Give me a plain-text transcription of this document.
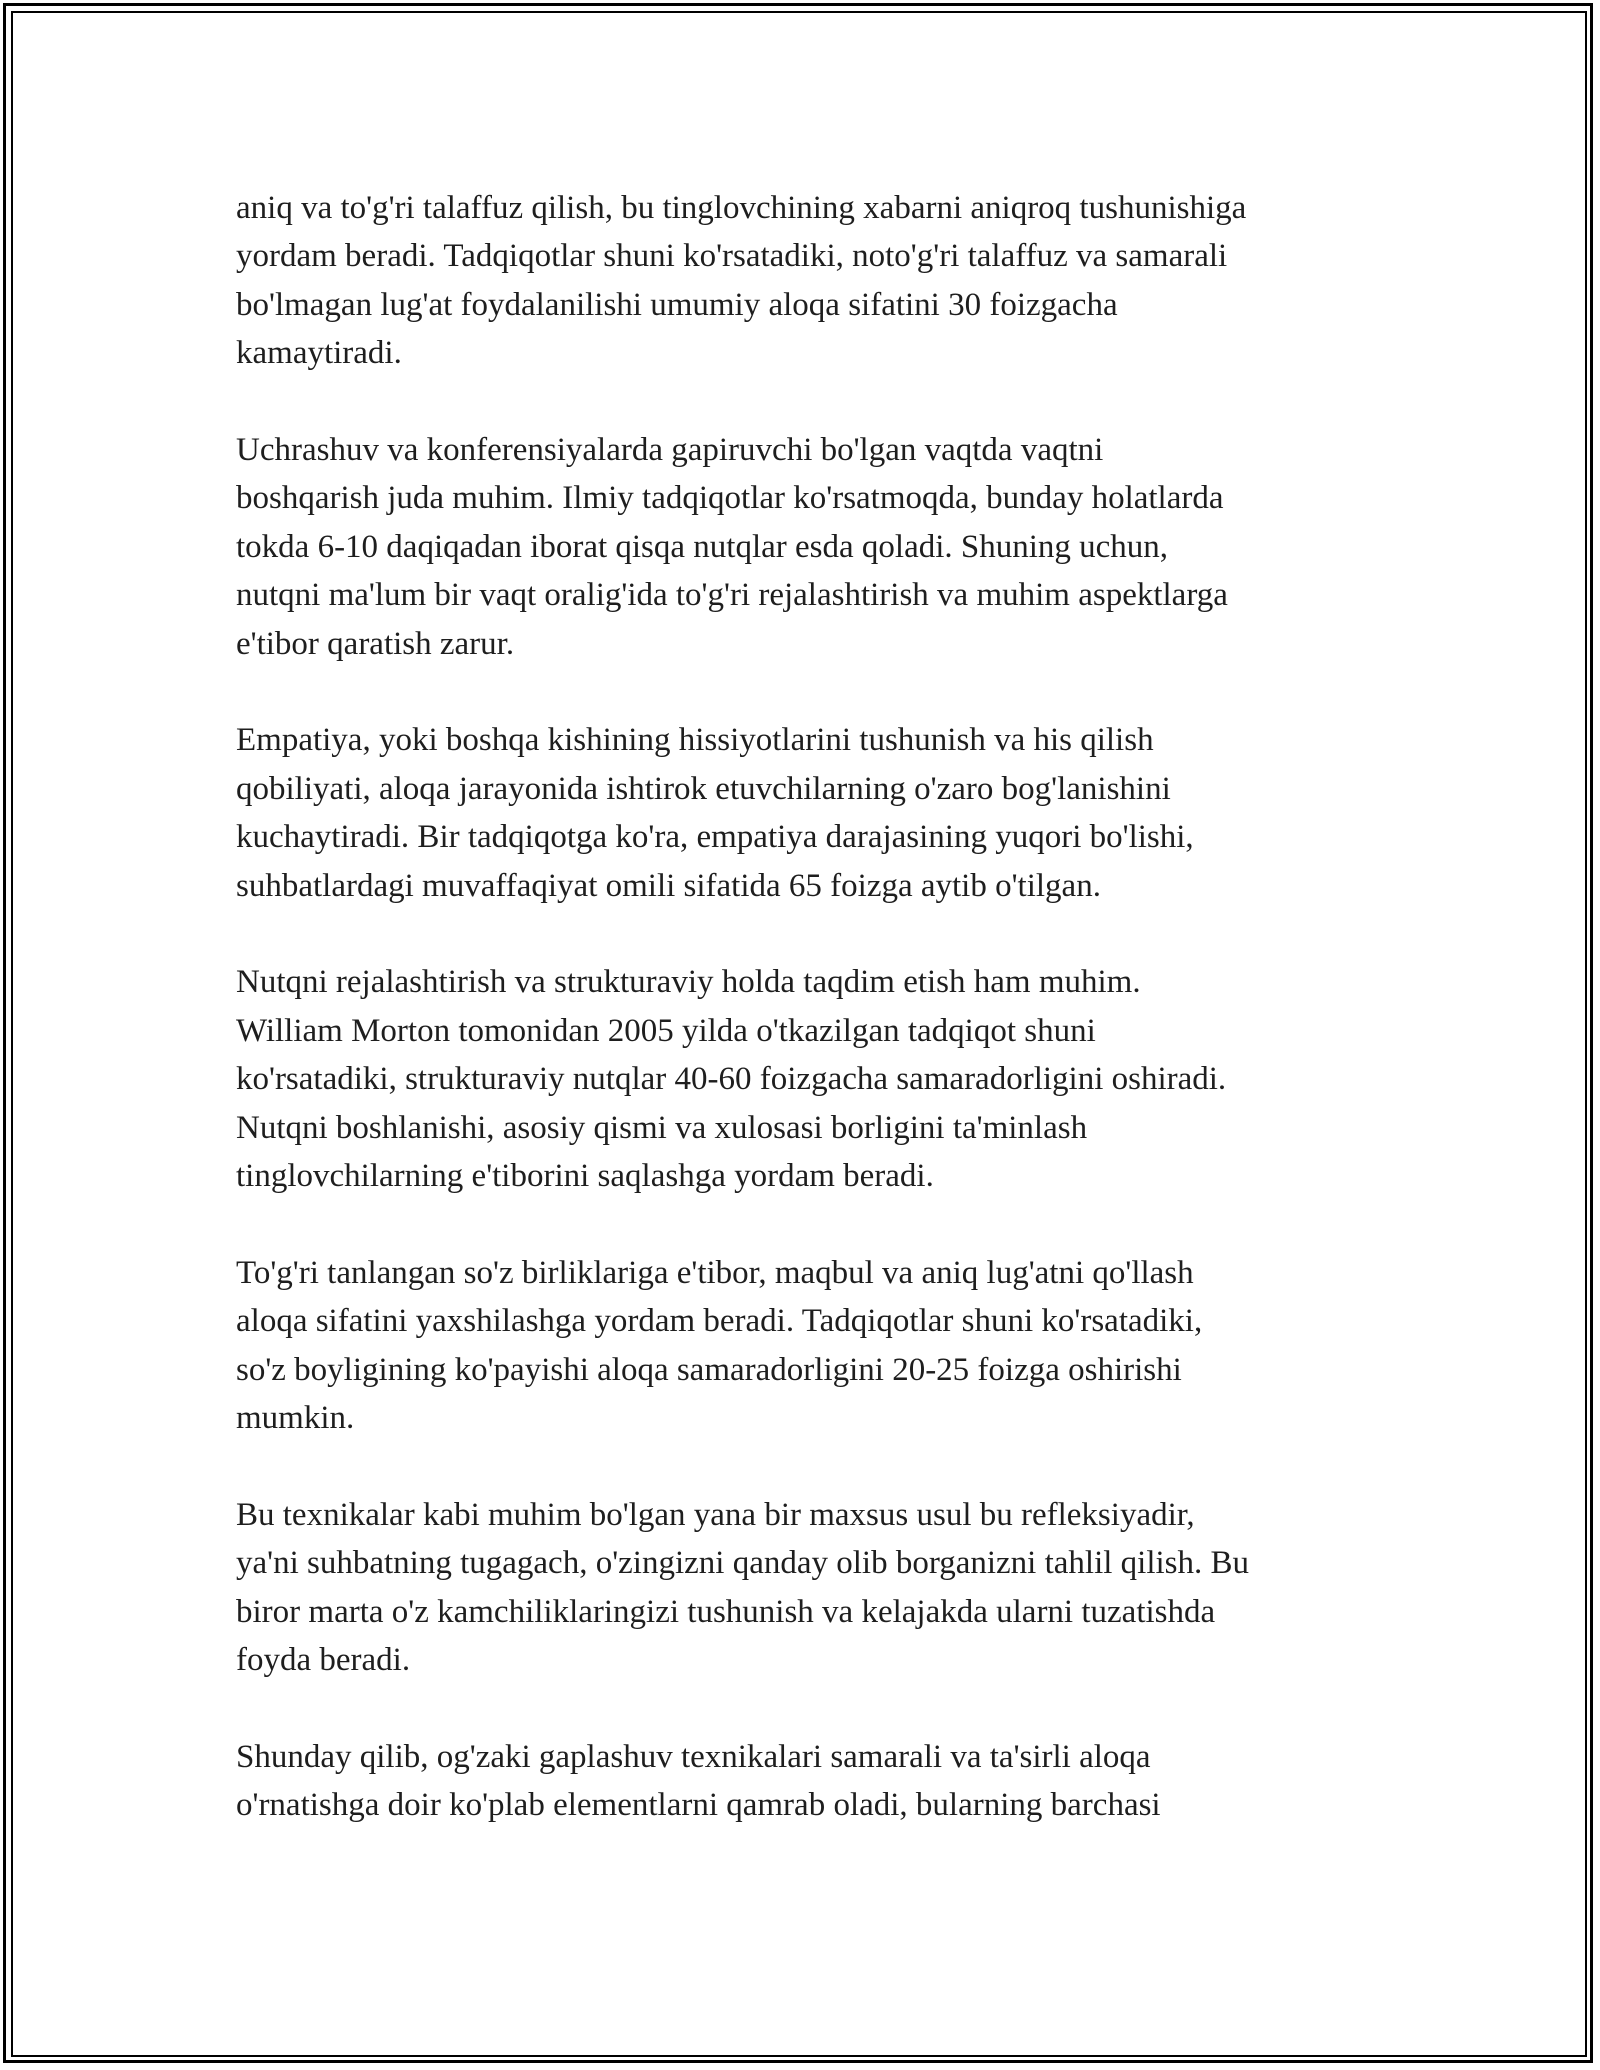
aniq va to'g'ri talaffuz qilish, bu tinglovchining xabarni aniqroq tushunishiga
yordam beradi. Tadqiqotlar shuni ko'rsatadiki, noto'g'ri talaffuz va samarali
bo'lmagan lug'at foydalanilishi umumiy aloqa sifatini 30 foizgacha
kamaytiradi.

Uchrashuv va konferensiyalarda gapiruvchi bo'lgan vaqtda vaqtni
boshqarish juda muhim. Ilmiy tadqiqotlar ko'rsatmoqda, bunday holatlarda
tokda 6-10 daqiqadan iborat qisqa nutqlar esda qoladi. Shuning uchun,
nutqni ma'lum bir vaqt oralig'ida to'g'ri rejalashtirish va muhim aspektlarga
e'tibor qaratish zarur.

Empatiya, yoki boshqa kishining hissiyotlarini tushunish va his qilish
qobiliyati, aloqa jarayonida ishtirok etuvchilarning o'zaro bog'lanishini
kuchaytiradi. Bir tadqiqotga ko'ra, empatiya darajasining yuqori bo'lishi,
suhbatlardagi muvaffaqiyat omili sifatida 65 foizga aytib o'tilgan.

Nutqni rejalashtirish va strukturaviy holda taqdim etish ham muhim.
William Morton tomonidan 2005 yilda o'tkazilgan tadqiqot shuni
ko'rsatadiki, strukturaviy nutqlar 40-60 foizgacha samaradorligini oshiradi.
Nutqni boshlanishi, asosiy qismi va xulosasi borligini ta'minlash
tinglovchilarning e'tiborini saqlashga yordam beradi.

To'g'ri tanlangan so'z birliklariga e'tibor, maqbul va aniq lug'atni qo'llash
aloqa sifatini yaxshilashga yordam beradi. Tadqiqotlar shuni ko'rsatadiki,
so'z boyligining ko'payishi aloqa samaradorligini 20-25 foizga oshirishi
mumkin.

Bu texnikalar kabi muhim bo'lgan yana bir maxsus usul bu refleksiyadir,
ya'ni suhbatning tugagach, o'zingizni qanday olib borganizni tahlil qilish. Bu
biror marta o'z kamchiliklaringizi tushunish va kelajakda ularni tuzatishda
foyda beradi.

Shunday qilib, og'zaki gaplashuv texnikalari samarali va ta'sirli aloqa
o'rnatishga doir ko'plab elementlarni qamrab oladi, bularning barchasi
